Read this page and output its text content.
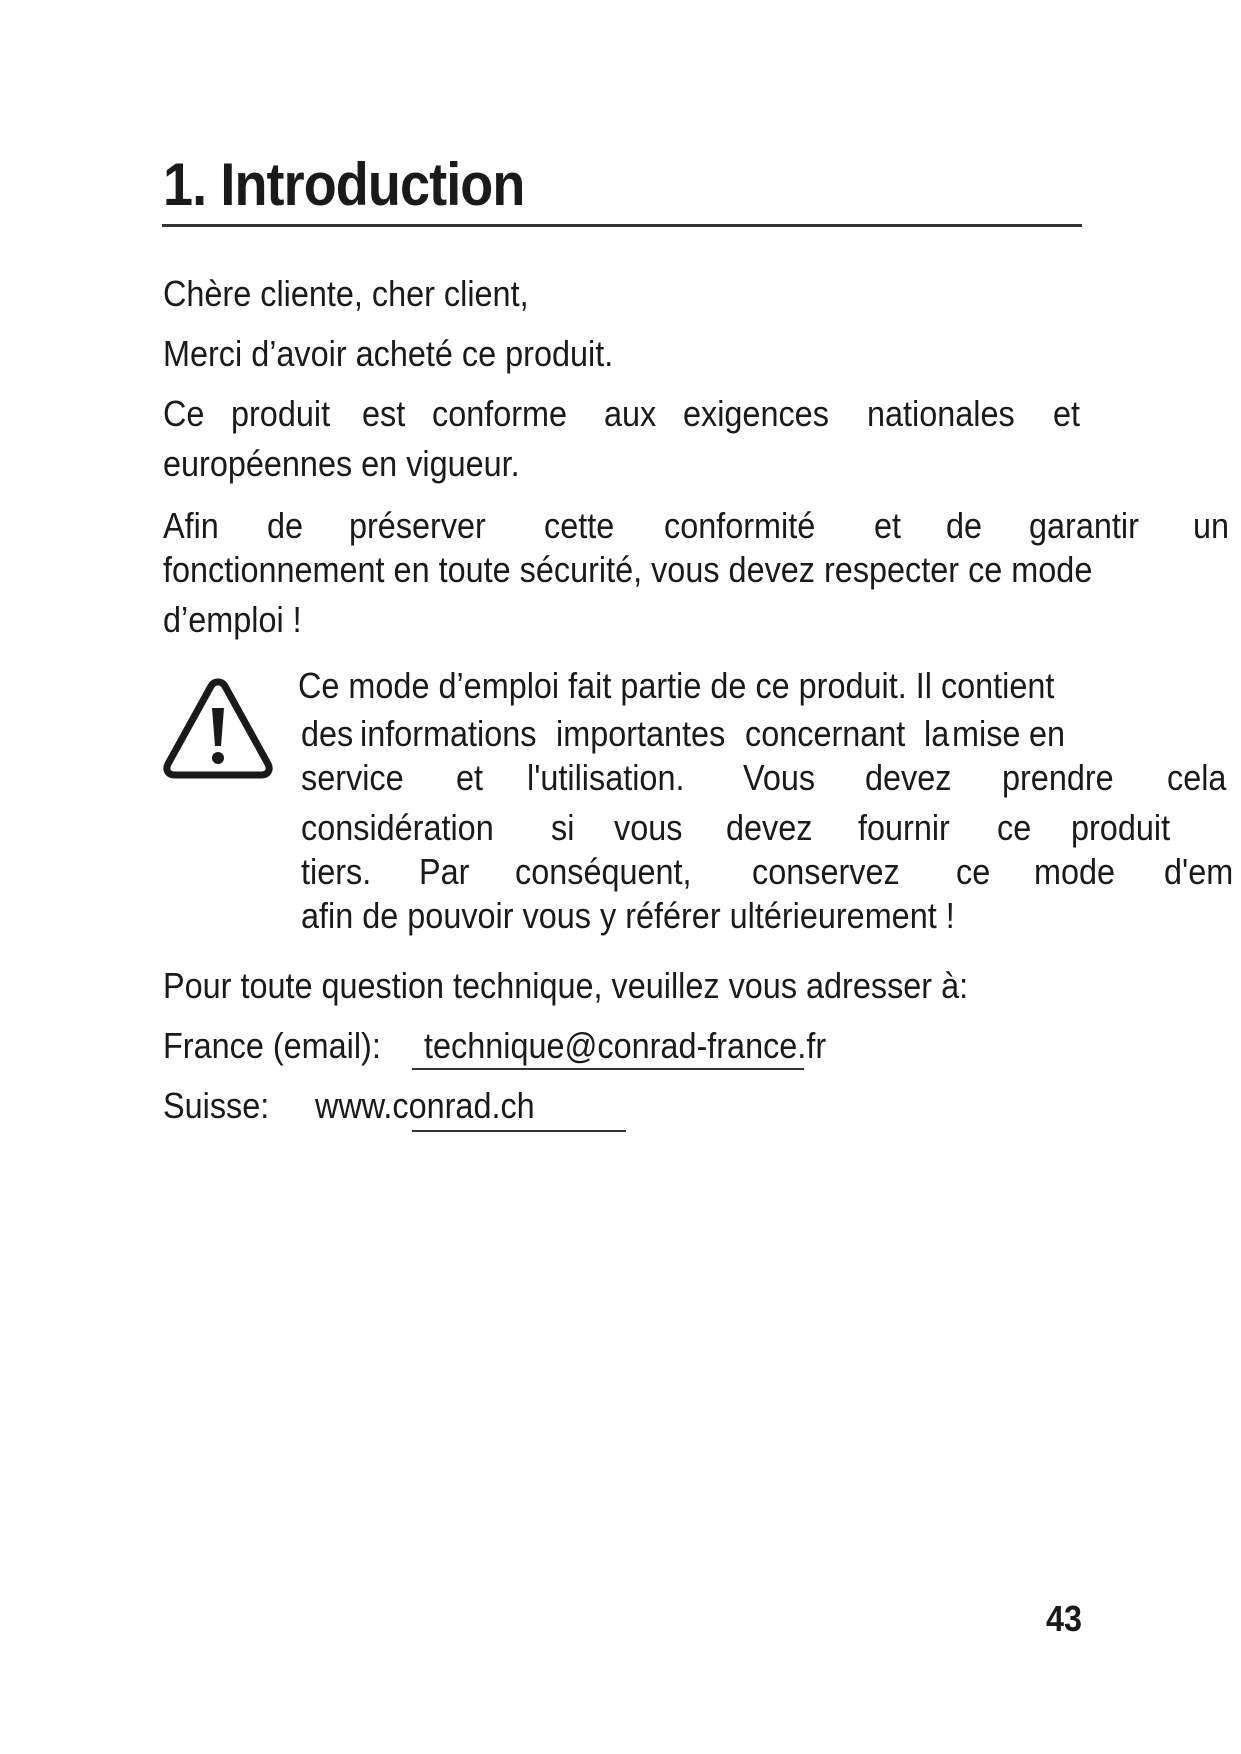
1. Introduction

Chère cliente, cher client,

Merci d’avoir acheté ce produit.

Ce produit est conforme aux exigences nationales et

européennes en vigueur.

Afin de préserver cette conformité et de garantir un

fonctionnement en toute sécurité, vous devez respecter ce mode

d’emploi !

Ce mode d’emploi fait partie de ce produit. Il contient
des informations importantes concernant la mise en
service et l'utilisation. Vous devez prendre cela
considération si vous devez fournir ce produit
tiers. Par conséquent, conservez ce mode d'em

afin de pouvoir vous y référer ultérieurement !

Pour toute question technique, veuillez vous adresser à:

France (email): technique@conrad-france.fr

Suisse: www.conrad.ch
43
